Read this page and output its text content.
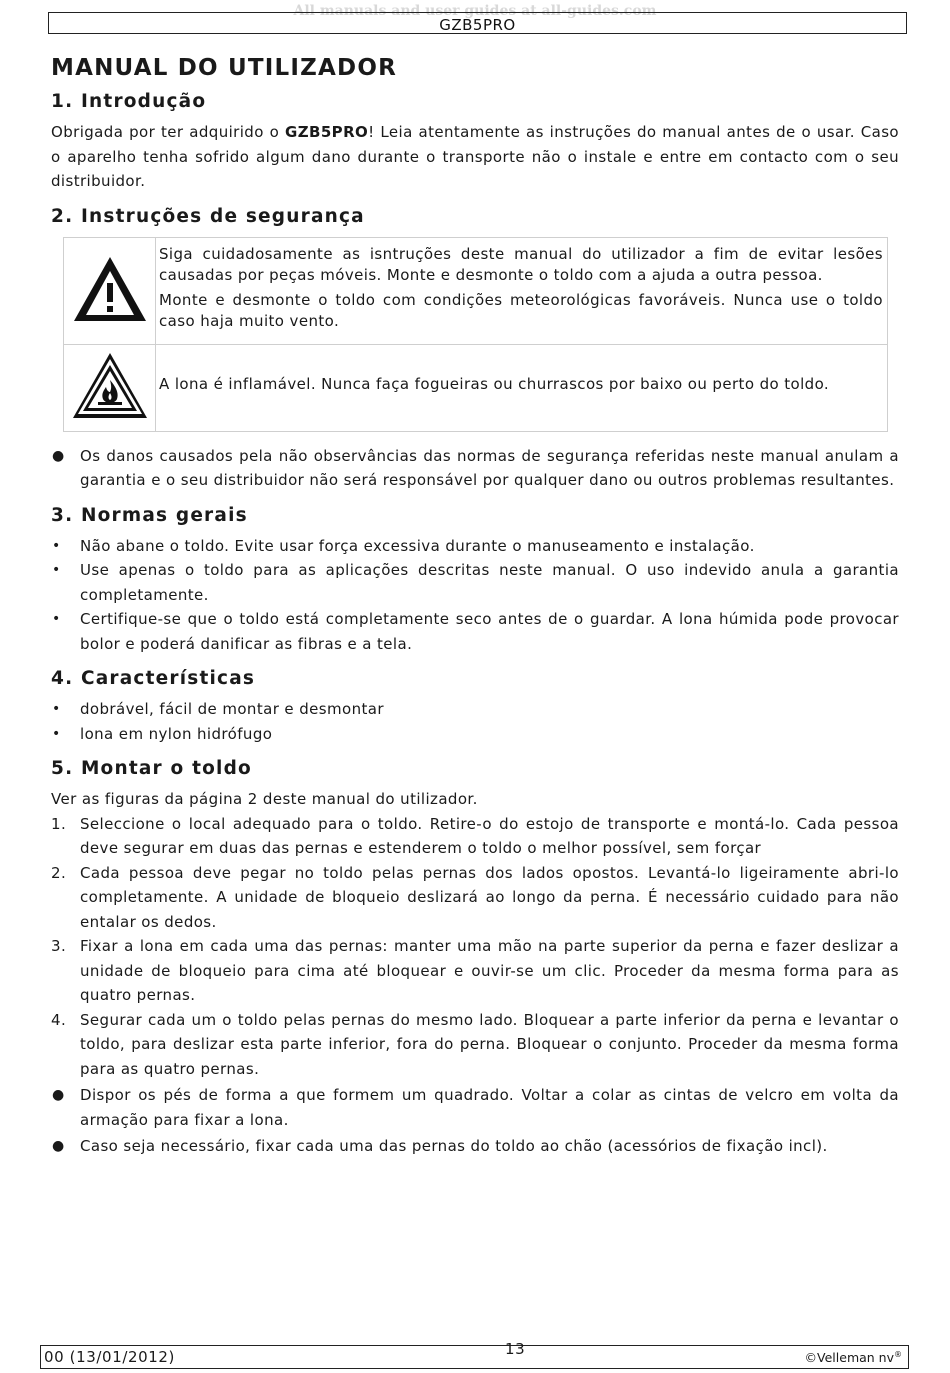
All manuals and user guides at all-guides.com
GZB5PRO
MANUAL DO UTILIZADOR
1. Introdução

Obrigada por ter adquirido o GZB5PRO! Leia atentamente as instruções do manual antes de o usar. Caso o aparelho tenha sofrido algum dano durante o transporte não o instale e entre em contacto com o seu distribuidor.

2. Instruções de segurança

Siga cuidadosamente as isntruções deste manual do utilizador a fim de evitar lesões causadas por peças móveis. Monte e desmonte o toldo com a ajuda a outra pessoa.

Monte e desmonte o toldo com condições meteorológicas favoráveis. Nunca use o toldo caso haja muito vento.

A lona é inflamável. Nunca faça fogueiras ou churrascos por baixo ou perto do toldo.

● Os danos causados pela não observâncias das normas de segurança referidas neste manual anulam a garantia e o seu distribuidor não será responsável por qualquer dano ou outros problemas resultantes.
3. Normas gerais
• Não abane o toldo. Evite usar força excessiva durante o manuseamento e instalação.
• Use apenas o toldo para as aplicações descritas neste manual. O uso indevido anula a garantia completamente.
• Certifique-se que o toldo está completamente seco antes de o guardar. A lona húmida pode provocar bolor e poderá danificar as fibras e a tela.
4. Características
• dobrável, fácil de montar e desmontar
• lona em nylon hidrófugo
5. Montar o toldo

Ver as figuras da página 2 deste manual do utilizador.

1. Seleccione o local adequado para o toldo. Retire-o do estojo de transporte e montá-lo. Cada pessoa deve segurar em duas das pernas e estenderem o toldo o melhor possível, sem forçar
2. Cada pessoa deve pegar no toldo pelas pernas dos lados opostos. Levantá-lo ligeiramente abri-lo completamente. A unidade de bloqueio deslizará ao longo da perna. É necessário cuidado para não entalar os dedos.
3. Fixar a lona em cada uma das pernas: manter uma mão na parte superior da perna e fazer deslizar a unidade de bloqueio para cima até bloquear e ouvir-se um clic. Proceder da mesma forma para as quatro pernas.
4. Segurar cada um o toldo pelas pernas do mesmo lado. Bloquear a parte inferior da perna e levantar o toldo, para deslizar esta parte inferior, fora do perna. Bloquear o conjunto. Proceder da mesma forma para as quatro pernas.
● Dispor os pés de forma a que formem um quadrado. Voltar a colar as cintas de velcro em volta da armação para fixar a lona.
● Caso seja necessário, fixar cada uma das pernas do toldo ao chão (acessórios de fixação incl).
00 (13/01/2012)	13	©Velleman nv®
